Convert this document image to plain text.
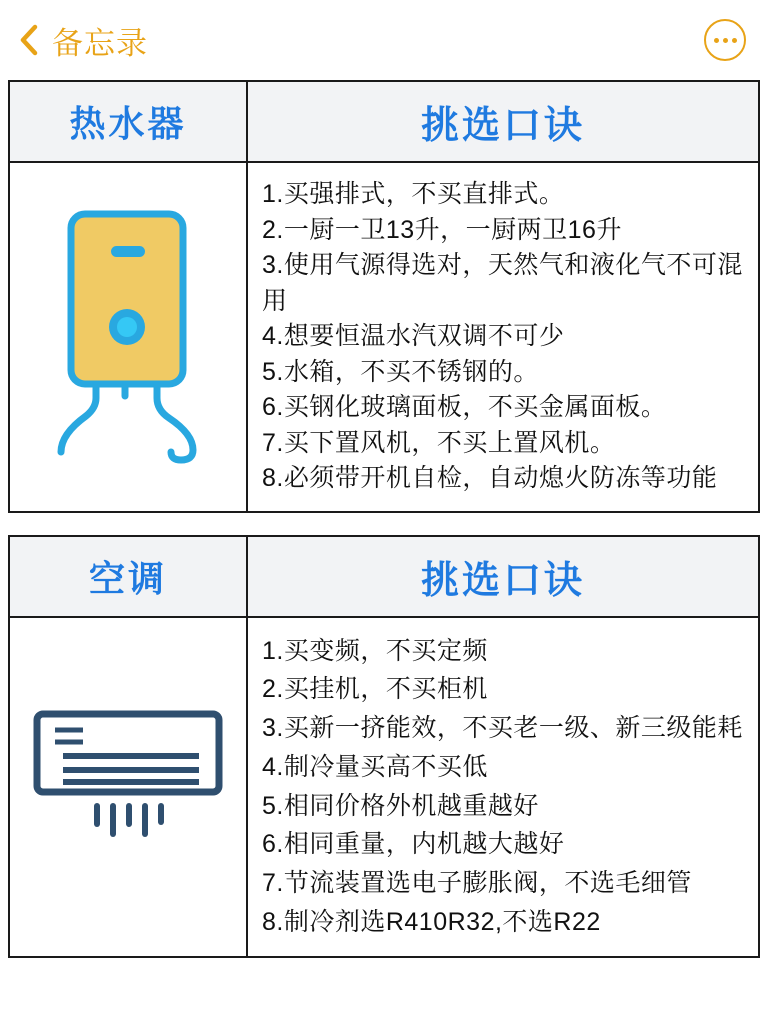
备忘录
热水器	挑选口诀
1.买强排式，不买直排式。
2.一厨一卫13升，一厨两卫16升
3.使用气源得选对，天然气和液化气不可混用
4.想要恒温水汽双调不可少
5.水箱，不买不锈钢的。
6.买钢化玻璃面板，不买金属面板。
7.买下置风机，不买上置风机。
8.必须带开机自检，自动熄火防冻等功能
空调	挑选口诀
1.买变频，不买定频
2.买挂机，不买柜机
3.买新一挤能效，不买老一级、新三级能耗
4.制冷量买高不买低
5.相同价格外机越重越好
6.相同重量，内机越大越好
7.节流装置选电子膨胀阀，不选毛细管
8.制冷剂选R410R32,不选R22
